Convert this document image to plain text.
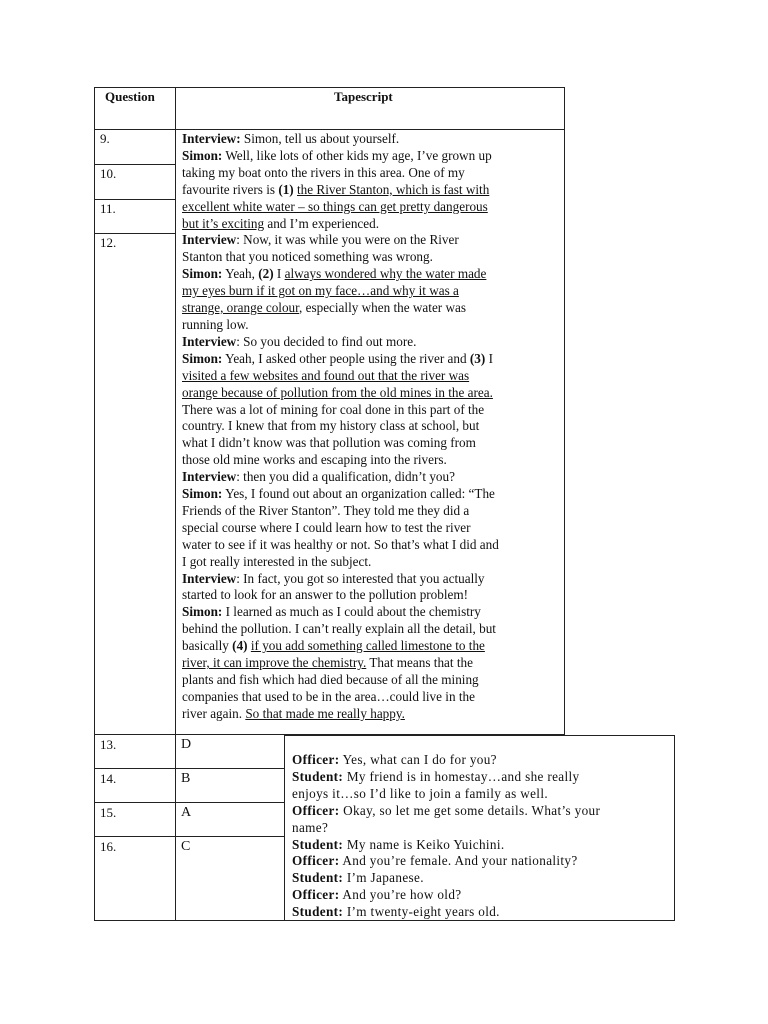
Question	Tapescript
9.
10.
11.
12.
Interview: Simon, tell us about yourself.
Simon: Well, like lots of other kids my age, I’ve grown up
taking my boat onto the rivers in this area. One of my
favourite rivers is (1) the River Stanton, which is fast with
excellent white water – so things can get pretty dangerous
but it’s exciting and I’m experienced.
Interview: Now, it was while you were on the River
Stanton that you noticed something was wrong.
Simon: Yeah, (2) I always wondered why the water made
my eyes burn if it got on my face…and why it was a
strange, orange colour, especially when the water was
running low.
Interview: So you decided to find out more.
Simon: Yeah, I asked other people using the river and (3) I
visited a few websites and found out that the river was
orange because of pollution from the old mines in the area.
There was a lot of mining for coal done in this part of the
country. I knew that from my history class at school, but
what I didn’t know was that pollution was coming from
those old mine works and escaping into the rivers.
Interview: then you did a qualification, didn’t you?
Simon: Yes, I found out about an organization called: “The
Friends of the River Stanton”. They told me they did a
special course where I could learn how to test the river
water to see if it was healthy or not. So that’s what I did and
I got really interested in the subject.
Interview: In fact, you got so interested that you actually
started to look for an answer to the pollution problem!
Simon: I learned as much as I could about the chemistry
behind the pollution. I can’t really explain all the detail, but
basically (4) if you add something called limestone to the
river, it can improve the chemistry. That means that the
plants and fish which had died because of all the mining
companies that used to be in the area…could live in the
river again. So that made me really happy.
13.	D
14.	B
15.	A
16.	C
Officer: Yes, what can I do for you?
Student: My friend is in homestay…and she really
enjoys it…so I’d like to join a family as well.
Officer: Okay, so let me get some details. What’s your
name?
Student: My name is Keiko Yuichini.
Officer: And you’re female. And your nationality?
Student: I’m Japanese.
Officer: And you’re how old?
Student: I’m twenty-eight years old.
